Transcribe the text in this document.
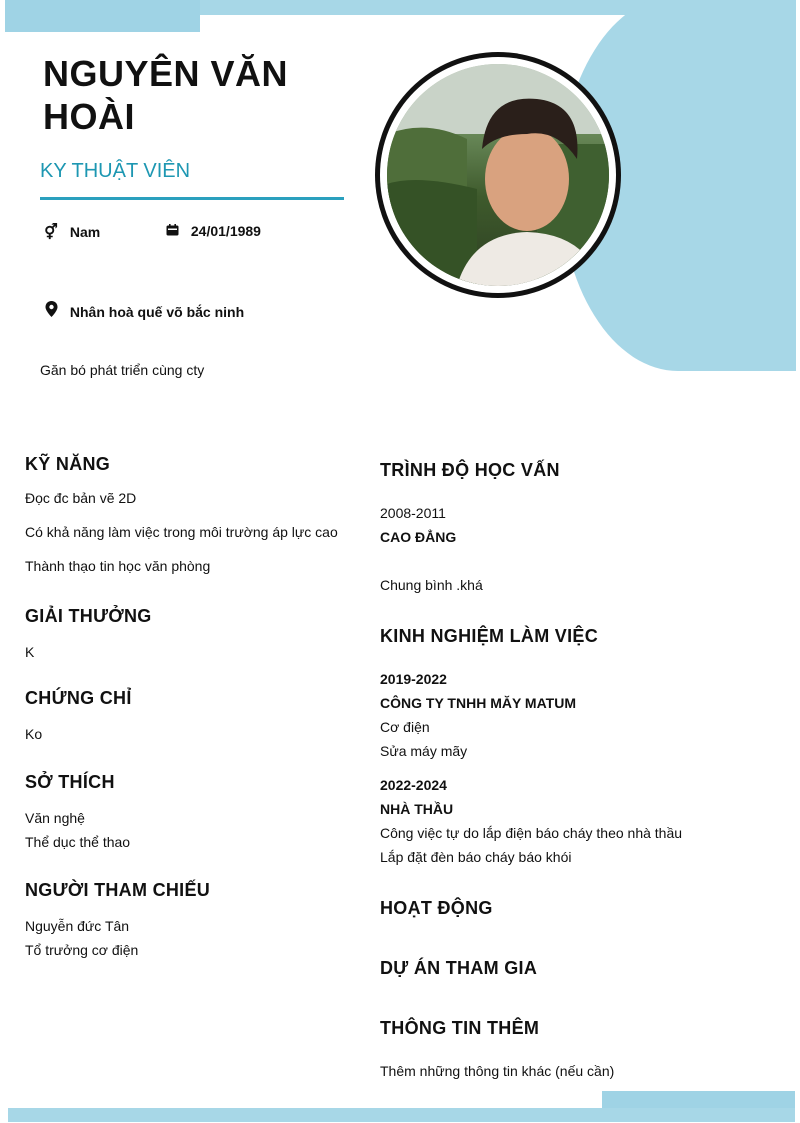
NGUYÊN VĂN
HOÀI
KY THUẬT VIÊN
⚥ Nam	24/01/1989
Nhân hoà quế võ bắc ninh
Găn bó phát triển cùng cty
KỸ NĂNG
Đọc đc bản vẽ 2D
Có khả năng làm việc trong môi trường áp lực cao
Thành thạo tin học văn phòng
GIẢI THƯỞNG
K
CHỨNG CHỈ
Ko
SỞ THÍCH
Văn nghệ
Thể dục thể thao
NGƯỜI THAM CHIẾU
Nguyễn đức Tân
Tổ trưởng cơ điện
TRÌNH ĐỘ HỌC VẤN
2008-2011
CAO ĐẲNG
Chung bình .khá
KINH NGHIỆM LÀM VIỆC
2019-2022
CÔNG TY TNHH MĂY MATUM
Cơ điện
Sửa máy mãy
2022-2024
NHÀ THẦU
Công việc tự do lắp điện báo cháy theo nhà thầu
Lắp đặt đèn báo cháy báo khói
HOẠT ĐỘNG
DỰ ÁN THAM GIA
THÔNG TIN THÊM
Thêm những thông tin khác (nếu cần)
